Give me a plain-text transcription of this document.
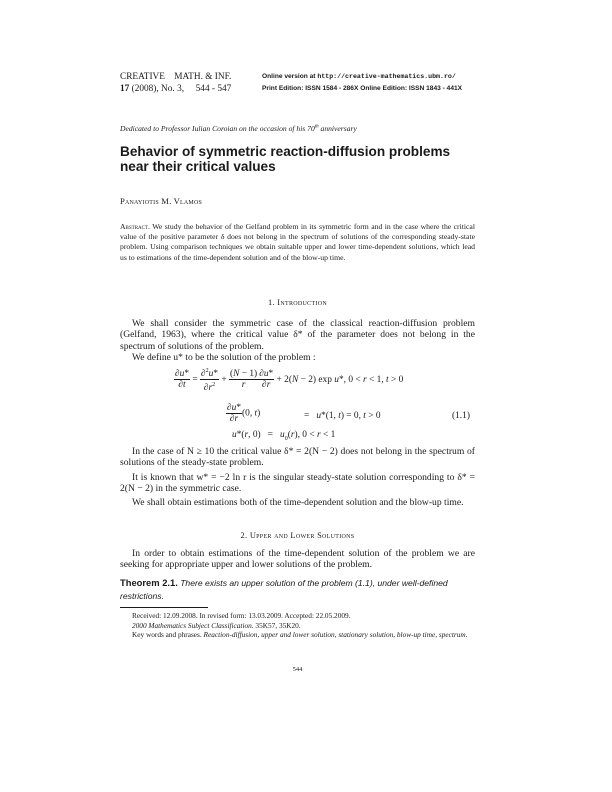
CREATIVE    MATH. & INF.
17 (2008), No. 3,     544 - 547
Online version at http://creative-mathematics.ubm.ro/
Print Edition: ISSN 1584 - 286X Online Edition: ISSN 1843 - 441X
Dedicated to Professor Iulian Coroian on the occasion of his 70th anniversary
Behavior of symmetric reaction-diffusion problems
near their critical values
Panayiotis M. Vlamos
Abstract. We study the behavior of the Gelfand problem in its symmetric form and in the case where the critical value of the positive parameter δ does not belong in the spectrum of solutions of the corresponding steady-state problem. Using comparison techniques we obtain suitable upper and lower time-dependent solutions, which lead us to estimations of the time-dependent solution and of the blow-up time.
1. Introduction
We shall consider the symmetric case of the classical reaction-diffusion problem (Gelfand, 1963), where the critical value δ* of the parameter does not belong in the spectrum of solutions of the problem.
We define u* to be the solution of the problem :
$\frac{\partial u*}{\partial t} = \frac{\partial^2u*}{\partial r^2} + \frac{(N - 1)}{r} \frac{\partial u*}{\partial r} + 2(N - 2)$ exp u*, 0 < r < 1, t > 0
$\frac{\partial u*}{\partial r} (0$, t)	=   u*(1, t) = 0, t > 0
u*(r, $0) = u_0(r)$, 0 < r < 1
(1.1)
In the case of N ≥ 10 the critical value δ* = 2(N − 2) does not belong in the spectrum of solutions of the steady-state problem.
It is known that w* = −2 ln r is the singular steady-state solution corresponding to δ* = 2(N − 2) in the symmetric case.
We shall obtain estimations both of the time-dependent solution and the blow-up time.
2. Upper and Lower Solutions
In order to obtain estimations of the time-dependent solution of the problem we are seeking for appropriate upper and lower solutions of the problem.
Theorem 2.1. There exists an upper solution of the problem (1.1), under well-defined restrictions.
Received: 12.09.2008. In revised form: 13.03.2009. Accepted: 22.05.2009.
2000 Mathematics Subject Classification. 35K57, 35K20.
Key words and phrases. Reaction-diffusion, upper and lower solution, stationary solution, blow-up time, spectrum.
544
